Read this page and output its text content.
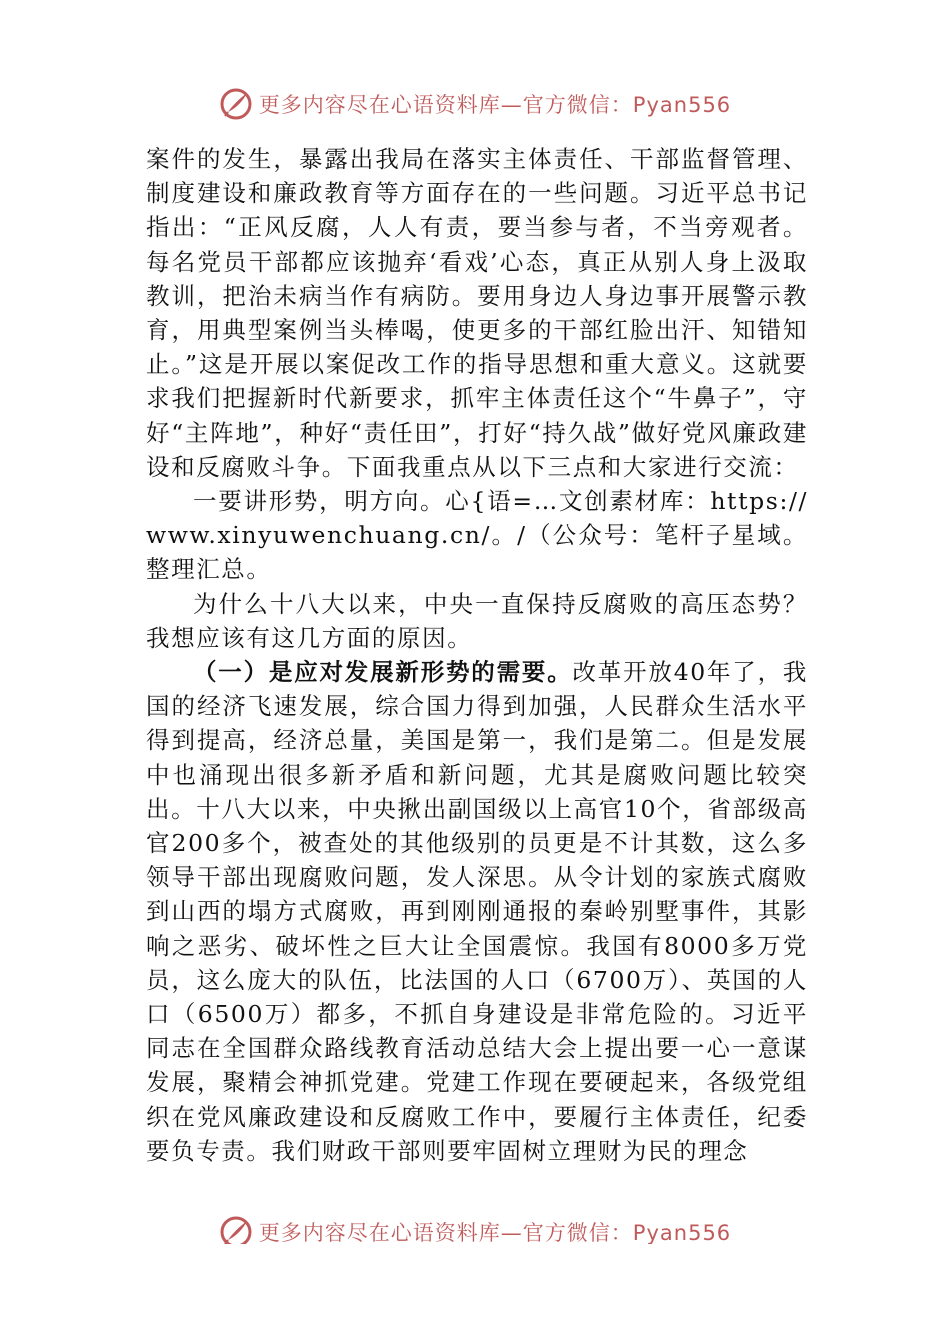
更多内容尽在心语资料库—官方微信：Pyan556

案件的发生，暴露出我局在落实主体责任、干部监督管理、制度建设和廉政教育等方面存在的一些问题。习近平总书记指出：“正风反腐，人人有责，要当参与者，不当旁观者。每名党员干部都应该抛弃‘看戏’心态，真正从别人身上汲取教训，把治未病当作有病防。要用身边人身边事开展警示教育，用典型案例当头棒喝，使更多的干部红脸出汗、知错知止。”这是开展以案促改工作的指导思想和重大意义。这就要求我们把握新时代新要求，抓牢主体责任这个“牛鼻子”，守好“主阵地”，种好“责任田”，打好“持久战”做好党风廉政建设和反腐败斗争。下面我重点从以下三点和大家进行交流：

一要讲形势，明方向。心{语=…文创素材库：https://www.xinyuwenchuang.cn/。/（公众号：笔杆子星域。整理汇总。

为什么十八大以来，中央一直保持反腐败的高压态势？我想应该有这几方面的原因。

（一）是应对发展新形势的需要。改革开放40年了，我国的经济飞速发展，综合国力得到加强，人民群众生活水平得到提高，经济总量，美国是第一，我们是第二。但是发展中也涌现出很多新矛盾和新问题，尤其是腐败问题比较突出。十八大以来，中央揪出副国级以上高官10个，省部级高官200多个，被查处的其他级别的员更是不计其数，这么多领导干部出现腐败问题，发人深思。从令计划的家族式腐败到山西的塌方式腐败，再到刚刚通报的秦岭别墅事件，其影响之恶劣、破坏性之巨大让全国震惊。我国有8000多万党员，这么庞大的队伍，比法国的人口（6700万）、英国的人口（6500万）都多，不抓自身建设是非常危险的。习近平同志在全国群众路线教育活动总结大会上提出要一心一意谋发展，聚精会神抓党建。党建工作现在要硬起来，各级党组织在党风廉政建设和反腐败工作中，要履行主体责任，纪委要负专责。我们财政干部则要牢固树立理财为民的理念

更多内容尽在心语资料库—官方微信：Pyan556
